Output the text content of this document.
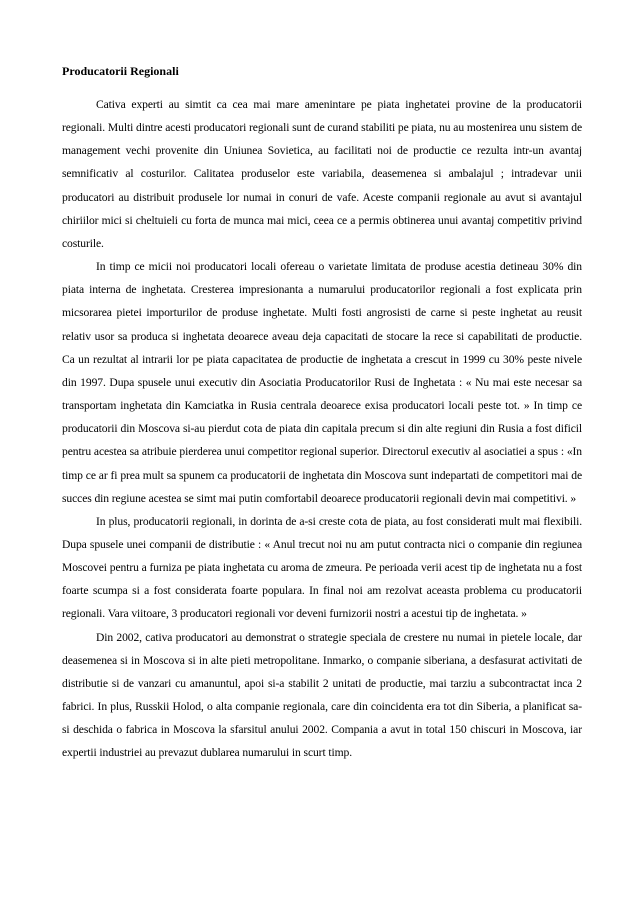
Producatorii Regionali

Cativa experti au simtit ca cea mai mare amenintare pe piata inghetatei provine de la producatorii regionali. Multi dintre acesti producatori regionali sunt de curand stabiliti pe piata, nu au mostenirea unu sistem de management vechi provenite din Uniunea Sovietica, au facilitati noi de productie ce rezulta intr-un avantaj semnificativ al costurilor. Calitatea produselor este variabila, deasemenea si ambalajul ; intradevar unii producatori au distribuit produsele lor numai in conuri de vafe. Aceste companii regionale au avut si avantajul chiriilor mici si cheltuieli cu forta de munca mai mici, ceea ce a permis obtinerea unui avantaj competitiv privind costurile.

In timp ce micii noi producatori locali ofereau o varietate limitata de produse acestia detineau 30% din piata interna de inghetata. Cresterea impresionanta a numarului producatorilor regionali a fost explicata prin micsorarea pietei importurilor de produse inghetate. Multi fosti angrosisti de carne si peste inghetat au reusit relativ usor sa produca si inghetata deoarece aveau deja capacitati de stocare la rece si capabilitati de productie. Ca un rezultat al intrarii lor pe piata capacitatea de productie de inghetata a crescut in 1999 cu 30% peste nivele din 1997. Dupa spusele unui executiv din Asociatia Producatorilor Rusi de Inghetata : « Nu mai este necesar sa transportam inghetata din Kamciatka in Rusia centrala deoarece exisa producatori locali peste tot. » In timp ce producatorii din Moscova si-au pierdut cota de piata din capitala precum si din alte regiuni din Rusia a fost dificil pentru acestea sa atribuie pierderea unui competitor regional superior. Directorul executiv al asociatiei a spus : «In timp ce ar fi prea mult sa spunem ca producatorii de inghetata din Moscova sunt indepartati de competitori mai de succes din regiune acestea se simt mai putin comfortabil deoarece producatorii regionali devin mai competitivi. »

In plus, producatorii regionali, in dorinta de a-si creste cota de piata, au fost considerati mult mai flexibili. Dupa spusele unei companii de distributie : « Anul trecut noi nu am putut contracta nici o companie din regiunea Moscovei pentru a furniza pe piata inghetata cu aroma de zmeura. Pe perioada verii acest tip de inghetata nu a fost foarte scumpa si a fost considerata foarte populara. In final noi am rezolvat aceasta problema cu producatorii regionali. Vara viitoare, 3 producatori regionali vor deveni furnizorii nostri a acestui tip de inghetata. »

Din 2002, cativa producatori au demonstrat o strategie speciala de crestere nu numai in pietele locale, dar deasemenea si in Moscova si in alte pieti metropolitane. Inmarko, o companie siberiana, a desfasurat activitati de distributie si de vanzari cu amanuntul, apoi si-a stabilit 2 unitati de productie, mai tarziu a subcontractat inca 2 fabrici. In plus, Russkii Holod, o alta companie regionala, care din coincidenta era tot din Siberia, a planificat sa-si deschida o fabrica in Moscova la sfarsitul anului 2002. Compania a avut in total 150 chiscuri in Moscova, iar expertii industriei au prevazut dublarea numarului in scurt timp.
